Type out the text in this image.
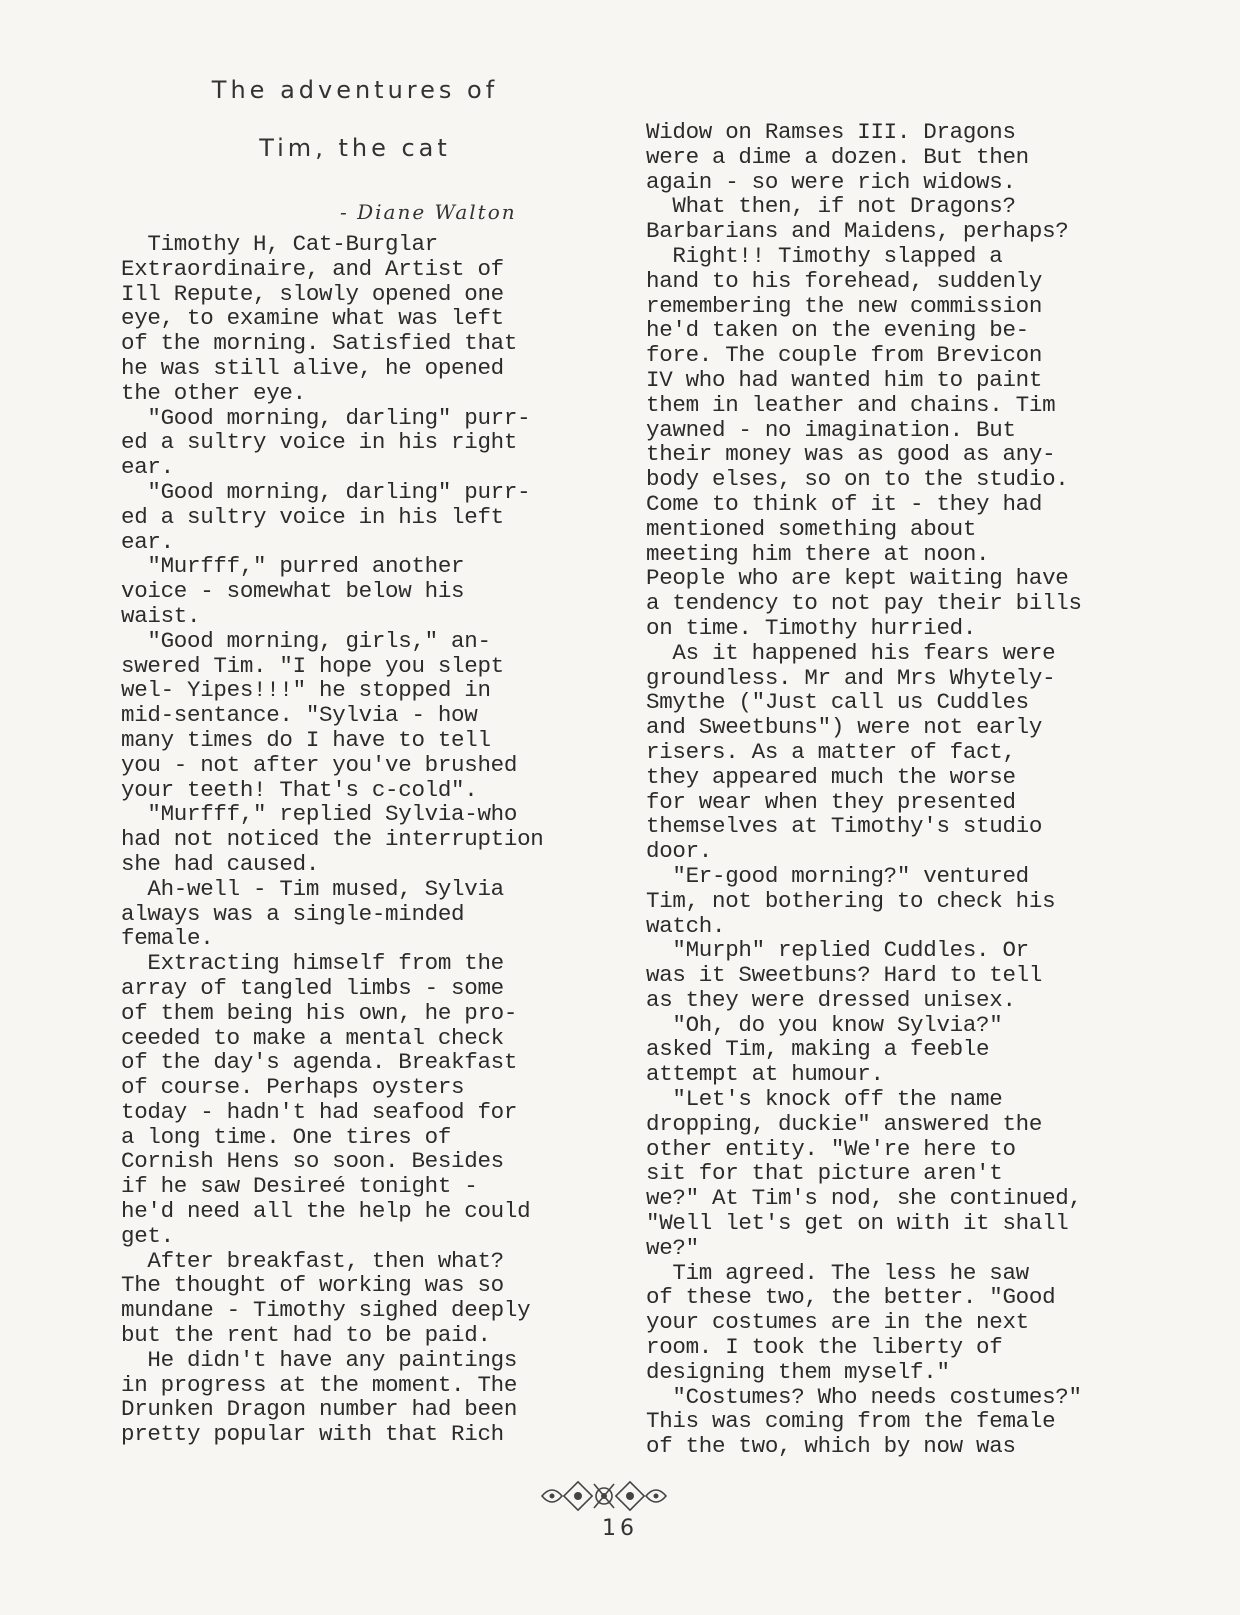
The adventures of
Tim, the cat
- Diane Walton
Timothy H, Cat-Burglar
Extraordinaire, and Artist of
Ill Repute, slowly opened one
eye, to examine what was left
of the morning. Satisfied that
he was still alive, he opened
the other eye.
"Good morning, darling" purr-
ed a sultry voice in his right
ear.
"Good morning, darling" purr-
ed a sultry voice in his left
ear.
"Murfff," purred another
voice - somewhat below his
waist.
"Good morning, girls," an-
swered Tim. "I hope you slept
wel- Yipes!!!" he stopped in
mid-sentance. "Sylvia - how
many times do I have to tell
you - not after you've brushed
your teeth! That's c-cold".
"Murfff," replied Sylvia-who
had not noticed the interruption
she had caused.
Ah-well - Tim mused, Sylvia
always was a single-minded
female.
Extracting himself from the
array of tangled limbs - some
of them being his own, he pro-
ceeded to make a mental check
of the day's agenda. Breakfast
of course. Perhaps oysters
today - hadn't had seafood for
a long time. One tires of
Cornish Hens so soon. Besides
if he saw Desireé tonight -
he'd need all the help he could
get.
After breakfast, then what?
The thought of working was so
mundane - Timothy sighed deeply
but the rent had to be paid.
He didn't have any paintings
in progress at the moment. The
Drunken Dragon number had been
pretty popular with that Rich
Widow on Ramses III. Dragons
were a dime a dozen. But then
again - so were rich widows.
What then, if not Dragons?
Barbarians and Maidens, perhaps?
Right!! Timothy slapped a
hand to his forehead, suddenly
remembering the new commission
he'd taken on the evening be-
fore. The couple from Brevicon
IV who had wanted him to paint
them in leather and chains. Tim
yawned - no imagination. But
their money was as good as any-
body elses, so on to the studio.
Come to think of it - they had
mentioned something about
meeting him there at noon.
People who are kept waiting have
a tendency to not pay their bills
on time. Timothy hurried.
As it happened his fears were
groundless. Mr and Mrs Whytely-
Smythe ("Just call us Cuddles
and Sweetbuns") were not early
risers. As a matter of fact,
they appeared much the worse
for wear when they presented
themselves at Timothy's studio
door.
"Er-good morning?" ventured
Tim, not bothering to check his
watch.
"Murph" replied Cuddles. Or
was it Sweetbuns? Hard to tell
as they were dressed unisex.
"Oh, do you know Sylvia?"
asked Tim, making a feeble
attempt at humour.
"Let's knock off the name
dropping, duckie" answered the
other entity. "We're here to
sit for that picture aren't
we?" At Tim's nod, she continued,
"Well let's get on with it shall
we?"
Tim agreed. The less he saw
of these two, the better. "Good
your costumes are in the next
room. I took the liberty of
designing them myself."
"Costumes? Who needs costumes?"
This was coming from the female
of the two, which by now was
16
